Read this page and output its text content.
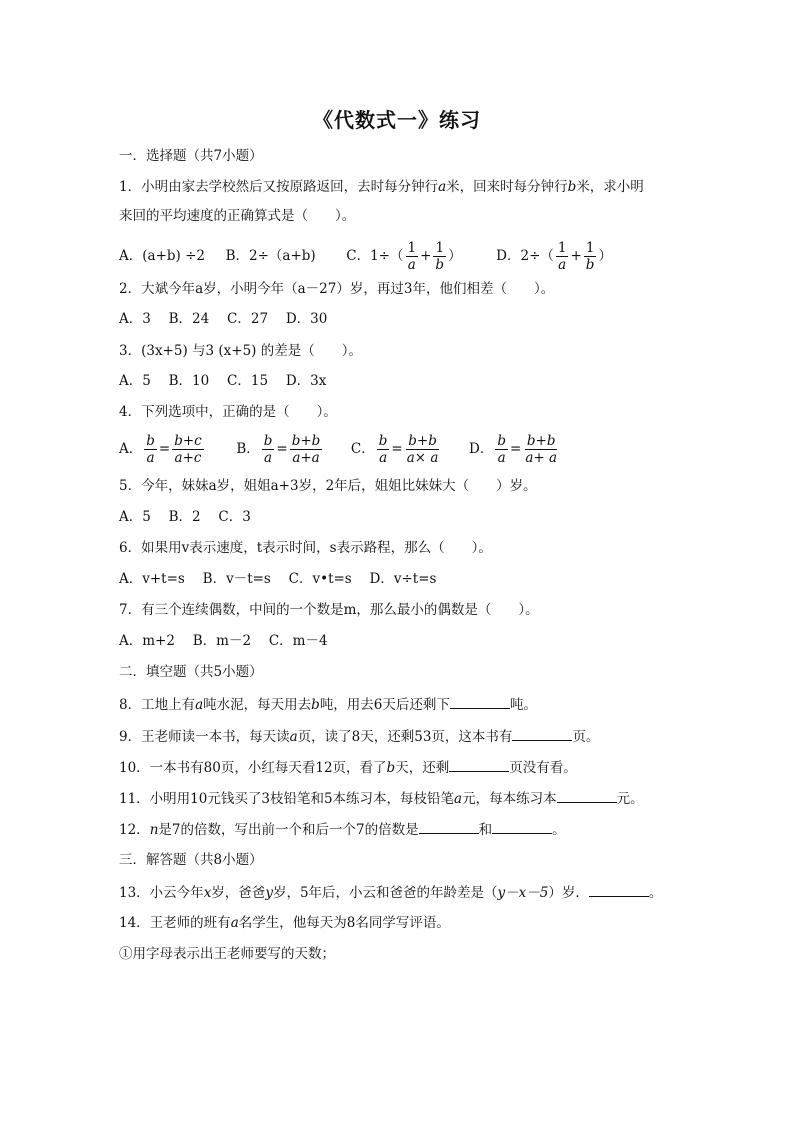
《代数式一》练习
一．选择题（共7小题）
1．小明由家去学校然后又按原路返回，去时每分钟行a米，回来时每分钟行b米，求小明
来回的平均速度的正确算式是（　　）。
A．(a+b) ÷2 B．2÷（a+b) C．$1\div( \frac{1}{a} + \frac{1}{b}$ ）	D．$2\div( \frac{1}{a} + \frac{1}{b}$ ）
2．大斌今年a岁，小明今年（a－27）岁，再过3年，他们相差（　　）。
A．3　 B．24　 C．27　 D．30
3．(3x+5) 与3 (x+5) 的差是（　　）。
A．5　 B．10　 C．15　 D．3x
4．下列选项中，正确的是（　　）。
A． $\frac{b}{a} = \frac{b+c}{a+c}$ B． $\frac{b}{a} = \frac{b+b}{a+a}$ C． $\frac{b}{a} = \frac{b+b}{a\times a}$ D． $\frac{b}{a} = \frac{b+b}{a+ a}$
5．今年，妹妹a岁，姐姐a+3岁，2年后，姐姐比妹妹大（　　）岁。
A．5　 B．2　 C．3
6．如果用v表示速度，t表示时间，s表示路程，那么（　　）。
A．v+t=s　 B．v－t=s　 C．v•t=s　 D．v÷t=s
7．有三个连续偶数，中间的一个数是m，那么最小的偶数是（　　）。
A．m+2　 B．m－2　 C．m－4
二．填空题（共5小题）
8．工地上有a吨水泥，每天用去b吨，用去6天后还剩下	吨。
9．王老师读一本书，每天读a页，读了8天，还剩53页，这本书有	页。
10．一本书有80页，小红每天看12页，看了b天，还剩	页没有看。
11．小明用10元钱买了3枝铅笔和5本练习本，每枝铅笔a元，每本练习本	元。
12．n是7的倍数，写出前一个和后一个7的倍数是	和	。
三．解答题（共8小题）
13．小云今年x岁，爸爸y岁，5年后，小云和爸爸的年龄差是（y－x－5）岁．	。
14．王老师的班有a名学生，他每天为8名同学写评语。
①用字母表示出王老师要写的天数；
